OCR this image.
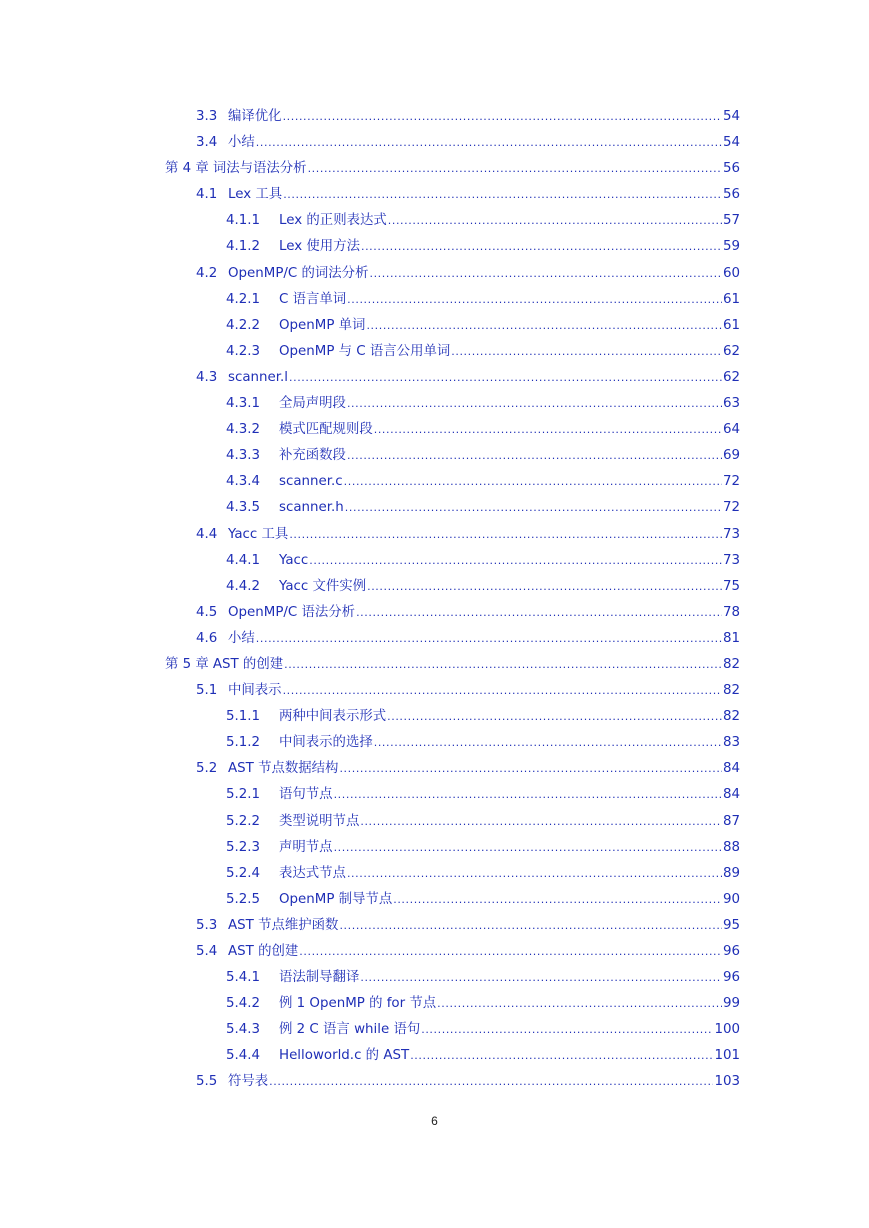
3.3 编译优化 .....	54
3.4 小结 .....	54
第 4 章 词法与语法分析 .....	56
4.1 Lex 工具 .....	56
4.1.1	Lex 的正则表达式 .....	57
4.1.2	Lex 使用方法 .....	59
4.2 OpenMP/C 的词法分析 .....	60
4.2.1	C 语言单词 .....	61
4.2.2	OpenMP 单词 .....	61
4.2.3	OpenMP 与 C 语言公用单词 .....	62
4.3 scanner.l .....	62
4.3.1	全局声明段 .....	63
4.3.2	模式匹配规则段 .....	64
4.3.3	补充函数段 .....	69
4.3.4	scanner.c .....	72
4.3.5	scanner.h .....	72
4.4 Yacc 工具 .....	73
4.4.1	Yacc .....	73
4.4.2	Yacc 文件实例 .....	75
4.5 OpenMP/C 语法分析 .....	78
4.6 小结 .....	81
第 5 章 AST 的创建 .....	82
5.1 中间表示 .....	82
5.1.1	两种中间表示形式 .....	82
5.1.2	中间表示的选择 .....	83
5.2 AST 节点数据结构 .....	84
5.2.1	语句节点 .....	84
5.2.2	类型说明节点 .....	87
5.2.3	声明节点 .....	88
5.2.4	表达式节点 .....	89
5.2.5	OpenMP 制导节点 .....	90
5.3 AST 节点维护函数 .....	95
5.4 AST 的创建 .....	96
5.4.1	语法制导翻译 .....	96
5.4.2	例 1 OpenMP 的 for 节点 .....	99
5.4.3	例 2 C 语言 while 语句 .....	100
5.4.4	Helloworld.c 的 AST .....	101
5.5 符号表 .....	103
6
